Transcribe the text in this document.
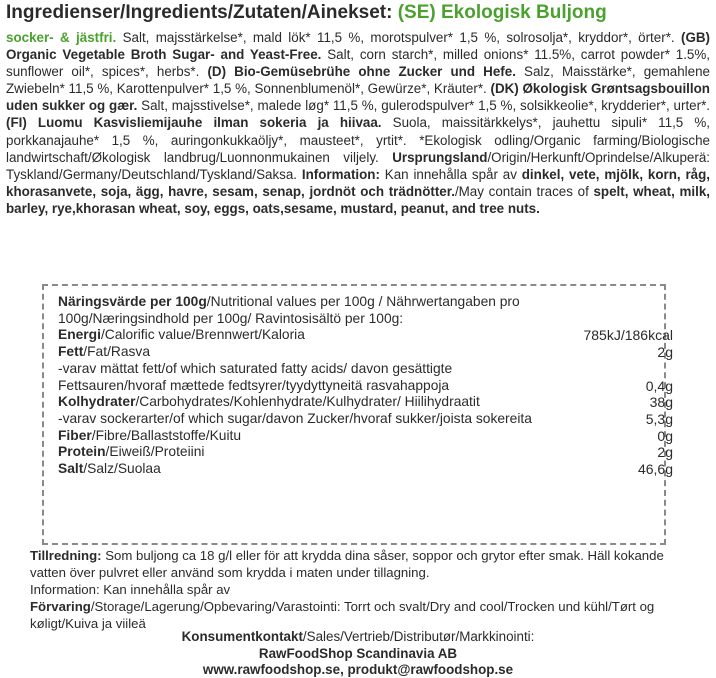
Ingredienser/Ingredients/Zutaten/Ainekset: (SE) Ekologisk Buljong
socker- & jästfri. Salt, majsstärkelse*, mald lök* 11,5 %, morotspulver* 1,5 %, solrosolja*, kryddor*, örter*. (GB) Organic Vegetable Broth Sugar- and Yeast-Free. Salt, corn starch*, milled onions* 11.5%, carrot powder* 1.5%, sunflower oil*, spices*, herbs*. (D) Bio-Gemüsebrühe ohne Zucker und Hefe. Salz, Maisstärke*, gemahlene Zwiebeln* 11,5 %, Karottenpulver* 1,5 %, Sonnenblumenöl*, Gewürze*, Kräuter*. (DK) Økologisk Grøntsagsbouillon uden sukker og gær. Salt, majsstivelse*, malede løg* 11,5 %, gulerodspulver* 1,5 %, solsikkeolie*, krydderier*, urter*. (FI) Luomu Kasvisliemijauhe ilman sokeria ja hiivaa. Suola, maissitärkkelys*, jauhettu sipuli* 11,5 %, porkkanajauhe* 1,5 %, auringonkukkaöljy*, mausteet*, yrtit*. *Ekologisk odling/Organic farming/Biologische landwirtschaft/Økologisk landbrug/Luonnonmukainen viljely. Ursprungsland/Origin/Herkunft/Oprindelse/Alkuperä: Tyskland/Germany/Deutschland/Tyskland/Saksa. Information: Kan innehålla spår av dinkel, vete, mjölk, korn, råg, khorasanvete, soja, ägg, havre, sesam, senap, jordnöt och trädnötter./May contain traces of spelt, wheat, milk, barley, rye,khorasan wheat, soy, eggs, oats,sesame, mustard, peanut, and tree nuts.
Näringsvärde per 100g/Nutritional values per 100g / Nährwertangaben pro 100g/Næringsindhold per 100g/ Ravintosisältö per 100g:
Energi/Calorific value/Brennwert/Kaloria	785kJ/186kcal
Fett/Fat/Rasva	2g
-varav mättat fett/of which saturated fatty acids/ davon gesättigte Fettsauren/hvoraf mættede fedtsyrer/tyydyttyneitä rasvahappoja	0,4g
Kolhydrater/Carbohydrates/Kohlenhydrate/Kulhydrater/ Hiilihydraatit	38g
-varav sockerarter/of which sugar/davon Zucker/hvoraf sukker/joista sokereita	5,3g
Fiber/Fibre/Ballaststoffe/Kuitu	0g
Protein/Eiweiß/Proteiini	2g
Salt/Salz/Suolaa	46,6g
Tillredning: Som buljong ca 18 g/l eller för att krydda dina såser, soppor och grytor efter smak. Häll kokande vatten över pulvret eller använd som krydda i maten under tillagning.
Information: Kan innehålla spår av
Förvaring/Storage/Lagerung/Opbevaring/Varastointi: Torrt och svalt/Dry and cool/Trocken und kühl/Tørt og køligt/Kuiva ja viileä
Konsumentkontakt/Sales/Vertrieb/Distributør/Markkinointi:
RawFoodShop Scandinavia AB
www.rawfoodshop.se, produkt@rawfoodshop.se
